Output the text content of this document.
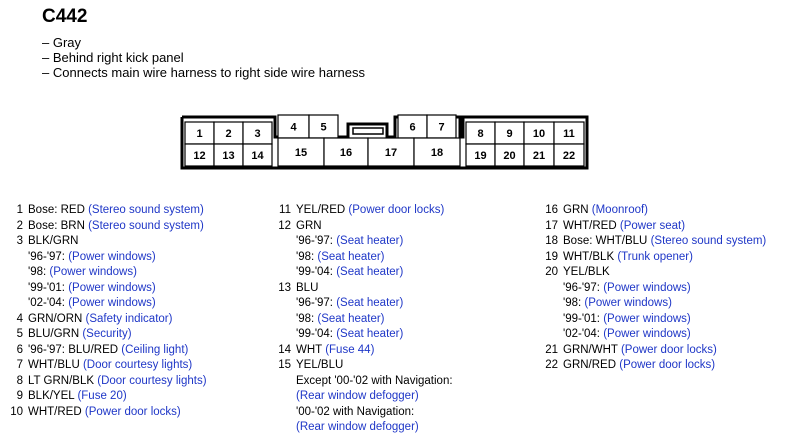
C442
– Gray
– Behind right kick panel
– Connects main wire harness to right side wire harness
1 2 3
4 5	6 7
8 9 10 11
12 13 14	15	16	17	18	19 20 21 22
1 Bose: RED (Stereo sound system)
2 Bose: BRN (Stereo sound system)
3 BLK/GRN
'96-'97: (Power windows)
'98: (Power windows)
'99-'01: (Power windows)
'02-'04: (Power windows)
4 GRN/ORN (Safety indicator)
5 BLU/GRN (Security)
6 '96-'97: BLU/RED (Ceiling light)
7 WHT/BLU (Door courtesy lights)
8 LT GRN/BLK (Door courtesy lights)
9 BLK/YEL (Fuse 20)
10 WHT/RED (Power door locks)
11 YEL/RED (Power door locks)
12 GRN
'96-'97: (Seat heater)
'98: (Seat heater)
'99-'04: (Seat heater)
13 BLU
'96-'97: (Seat heater)
'98: (Seat heater)
'99-'04: (Seat heater)
14 WHT (Fuse 44)
15 YEL/BLU
Except '00-'02 with Navigation:
(Rear window defogger)
'00-'02 with Navigation:
(Rear window defogger)
16 GRN (Moonroof)
17 WHT/RED (Power seat)
18 Bose: WHT/BLU (Stereo sound system)
19 WHT/BLK (Trunk opener)
20 YEL/BLK
'96-'97: (Power windows)
'98: (Power windows)
'99-'01: (Power windows)
'02-'04: (Power windows)
21 GRN/WHT (Power door locks)
22 GRN/RED (Power door locks)
